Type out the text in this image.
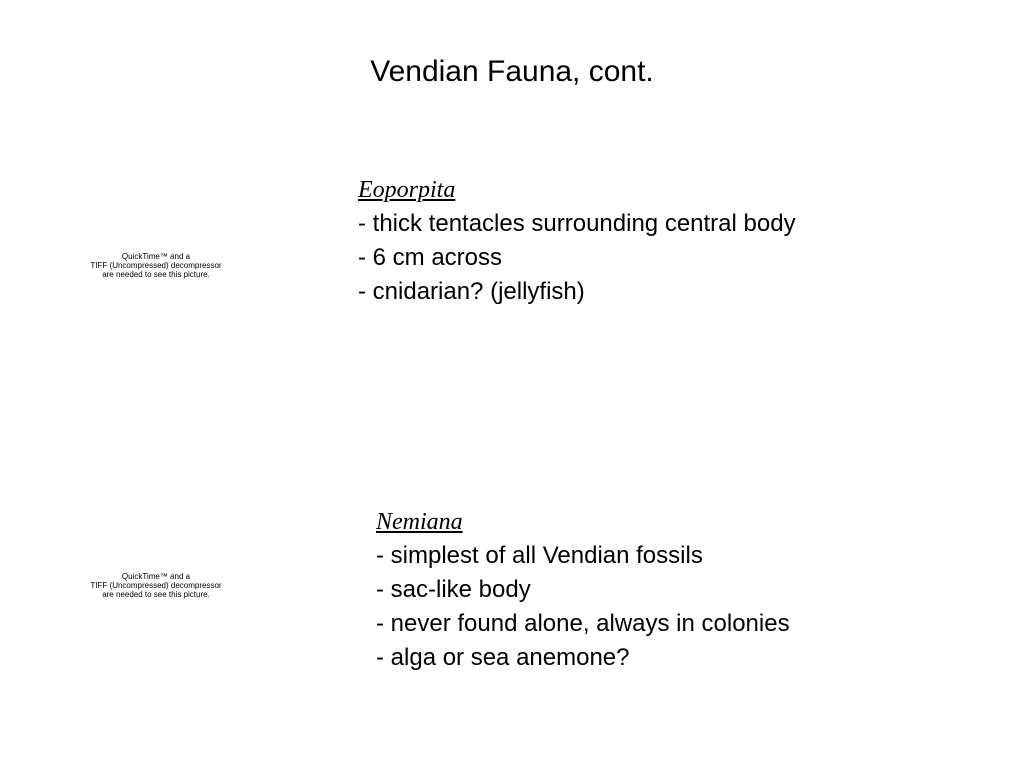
Vendian Fauna, cont.
QuickTime™ and a
TIFF (Uncompressed) decompressor
are needed to see this picture.
Eoporpita
- thick tentacles surrounding central body
- 6 cm across
- cnidarian? (jellyfish)
QuickTime™ and a
TIFF (Uncompressed) decompressor
are needed to see this picture.
Nemiana
- simplest of all Vendian fossils
- sac-like body
- never found alone, always in colonies
- alga or sea anemone?
